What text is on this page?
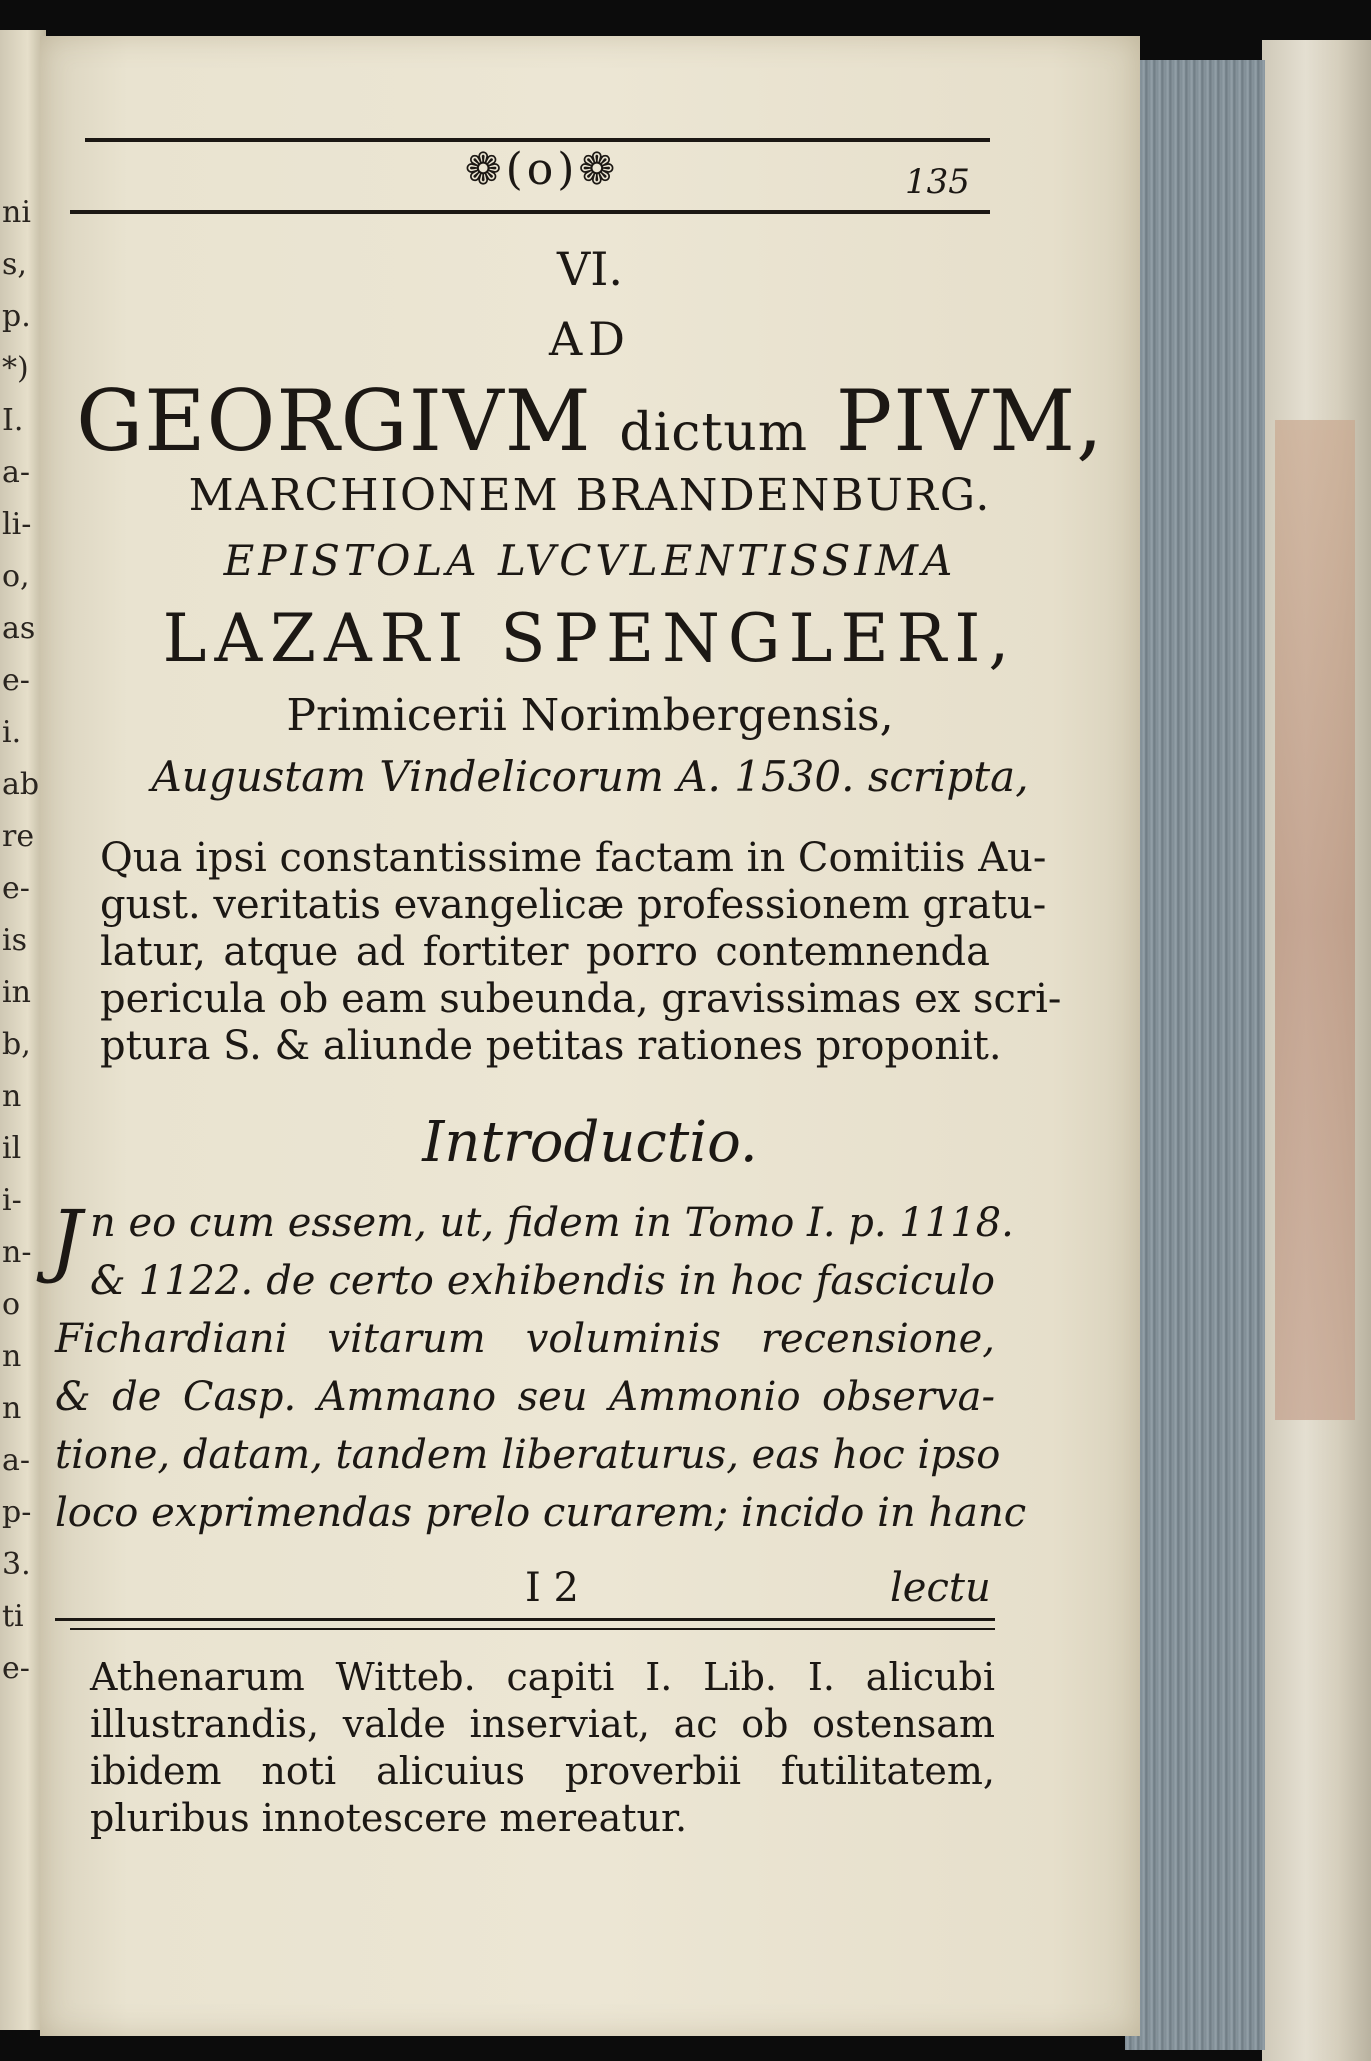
ni
s,
p.
*)
I.
a-
li-
o,
as
e-
i.
ab
re
e-
is
in
b,
n
il
i-
n-
o
n
n
a-
p-
3.
ti
e-
❁(o)❁	135
VI.
AD
GEORGIVM dictum PIVM,
MARCHIONEM BRANDENBURG.
EPISTOLA LVCVLENTISSIMA
LAZARI SPENGLERI,
Primicerii Norimbergensis,
Augustam Vindelicorum A. 1530. scripta,
Qua ipsi constantissime factam in Comitiis Au-
gust. veritatis evangelicæ professionem gratu-
latur, atque ad fortiter porro contemnenda
pericula ob eam subeunda, gravissimas ex scri-
ptura S. & aliunde petitas rationes proponit.
Introductio.
J n eo cum essem, ut, fidem in Tomo I. p. 1118.
& 1122. de certo exhibendis in hoc fasciculo
Fichardiani vitarum voluminis recensione,
& de Casp. Ammano seu Ammonio observa-
tione, datam, tandem liberaturus, eas hoc ipso
loco exprimendas prelo curarem; incido in hanc
I 2	lectu
Athenarum Witteb. capiti I. Lib. I. alicubi
illustrandis, valde inserviat, ac ob ostensam
ibidem noti alicuius proverbii futilitatem,
pluribus innotescere mereatur.
